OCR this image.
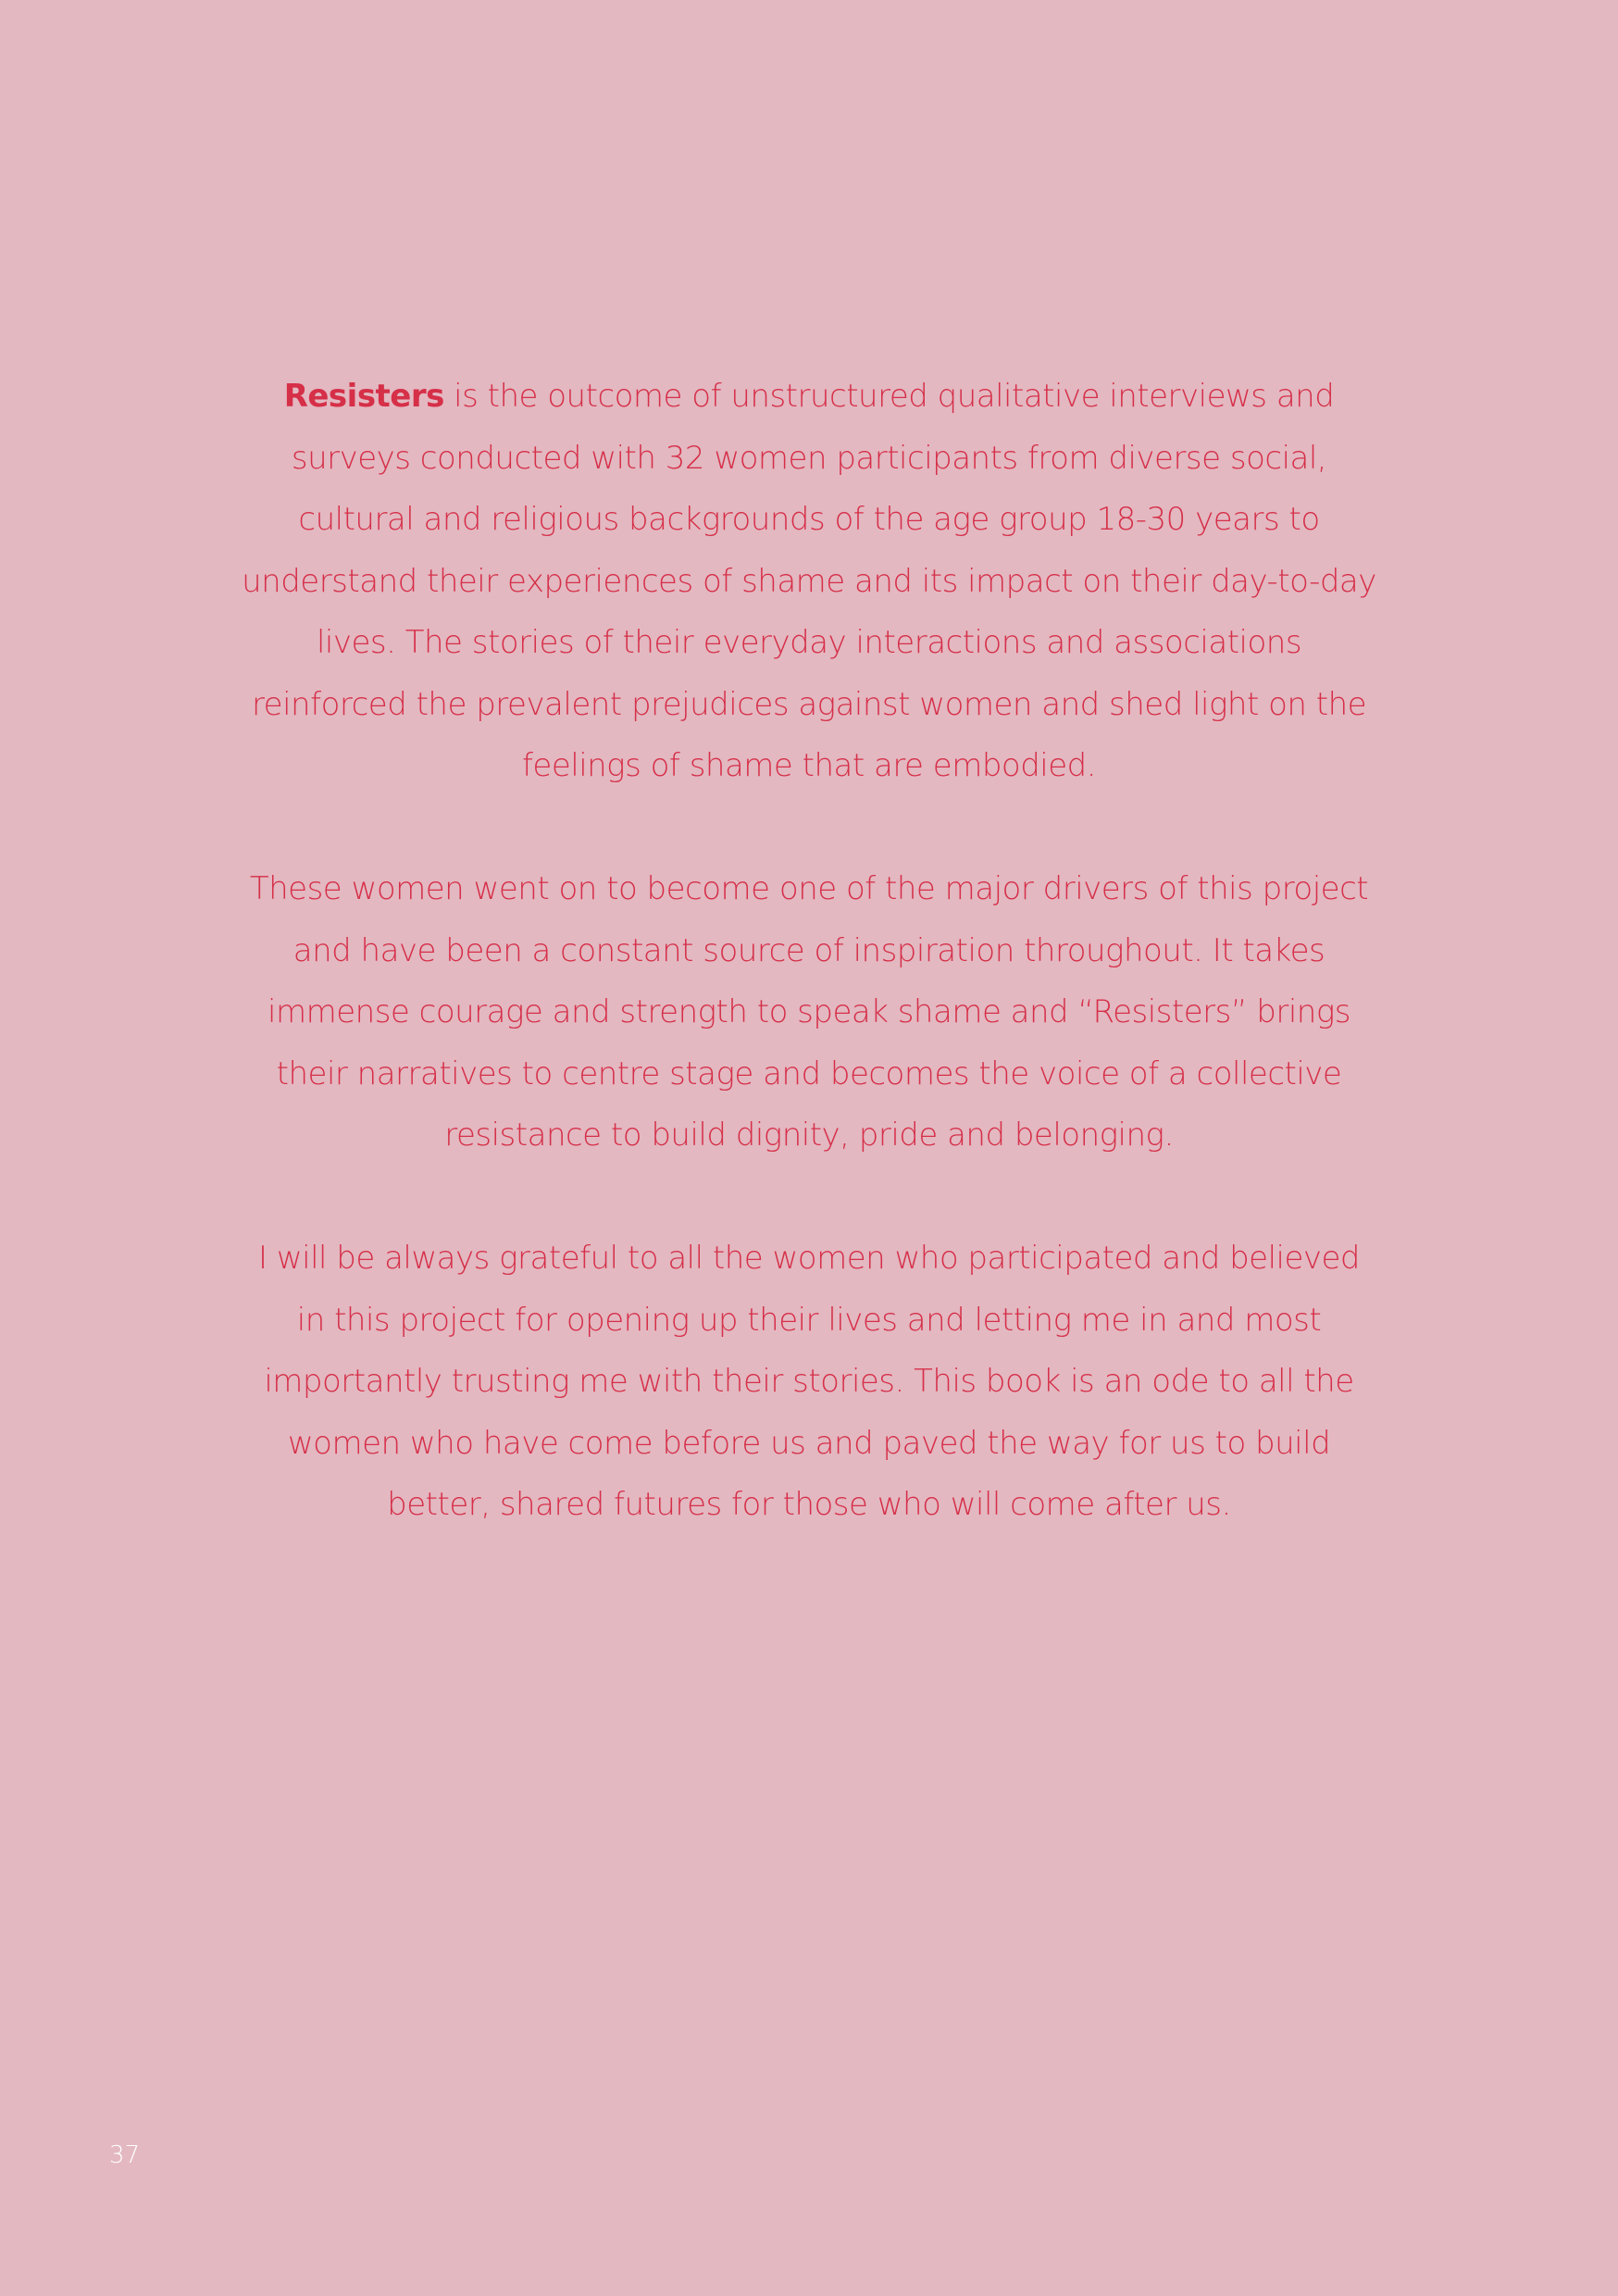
Resisters is the outcome of unstructured qualitative interviews and surveys conducted with 32 women participants from diverse social, cultural and religious backgrounds of the age group 18-30 years to understand their experiences of shame and its impact on their day-to-day lives. The stories of their everyday interactions and associations reinforced the prevalent prejudices against women and shed light on the feelings of shame that are embodied.

These women went on to become one of the major drivers of this project and have been a constant source of inspiration throughout. It takes immense courage and strength to speak shame and “Resisters” brings their narratives to centre stage and becomes the voice of a collective resistance to build dignity, pride and belonging.

I will be always grateful to all the women who participated and believed in this project for opening up their lives and letting me in and most importantly trusting me with their stories. This book is an ode to all the women who have come before us and paved the way for us to build better, shared futures for those who will come after us.

37
